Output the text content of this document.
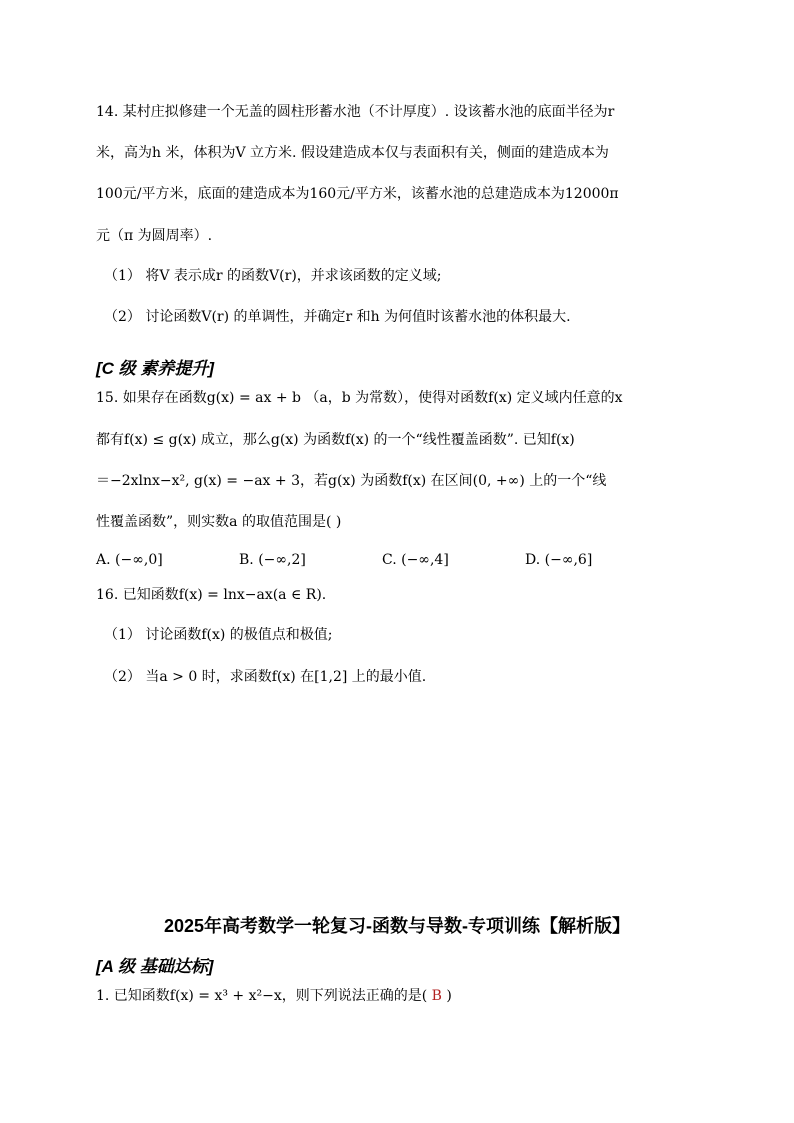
14. 某村庄拟修建一个无盖的圆柱形蓄水池（不计厚度）. 设该蓄水池的底面半径为r
米，高为h 米，体积为V 立方米. 假设建造成本仅与表面积有关，侧面的建造成本为
100元/平方米，底面的建造成本为160元/平方米，该蓄水池的总建造成本为12000π
元（π 为圆周率）.
（1） 将V 表示成r 的函数V(r)，并求该函数的定义域;
（2） 讨论函数V(r) 的单调性，并确定r 和h 为何值时该蓄水池的体积最大.
[C 级 素养提升]
15. 如果存在函数g(x) = ax + b （a，b 为常数），使得对函数f(x) 定义域内任意的x
都有f(x) ≤ g(x) 成立，那么g(x) 为函数f(x) 的一个“线性覆盖函数”. 已知f(x)
＝−2xlnx−x², g(x) = −ax + 3，若g(x) 为函数f(x) 在区间(0, +∞) 上的一个“线
性覆盖函数”，则实数a 的取值范围是( )
A. (−∞,0]	B. (−∞,2]	C. (−∞,4]	D. (−∞,6]
16. 已知函数f(x) = lnx−ax(a ∈ R).
（1） 讨论函数f(x) 的极值点和极值;
（2） 当a > 0 时，求函数f(x) 在[1,2] 上的最小值.
2025年高考数学一轮复习-函数与导数-专项训练【解析版】
[A 级 基础达标]
1. 已知函数f(x) = x³ + x²−x，则下列说法正确的是( B )
